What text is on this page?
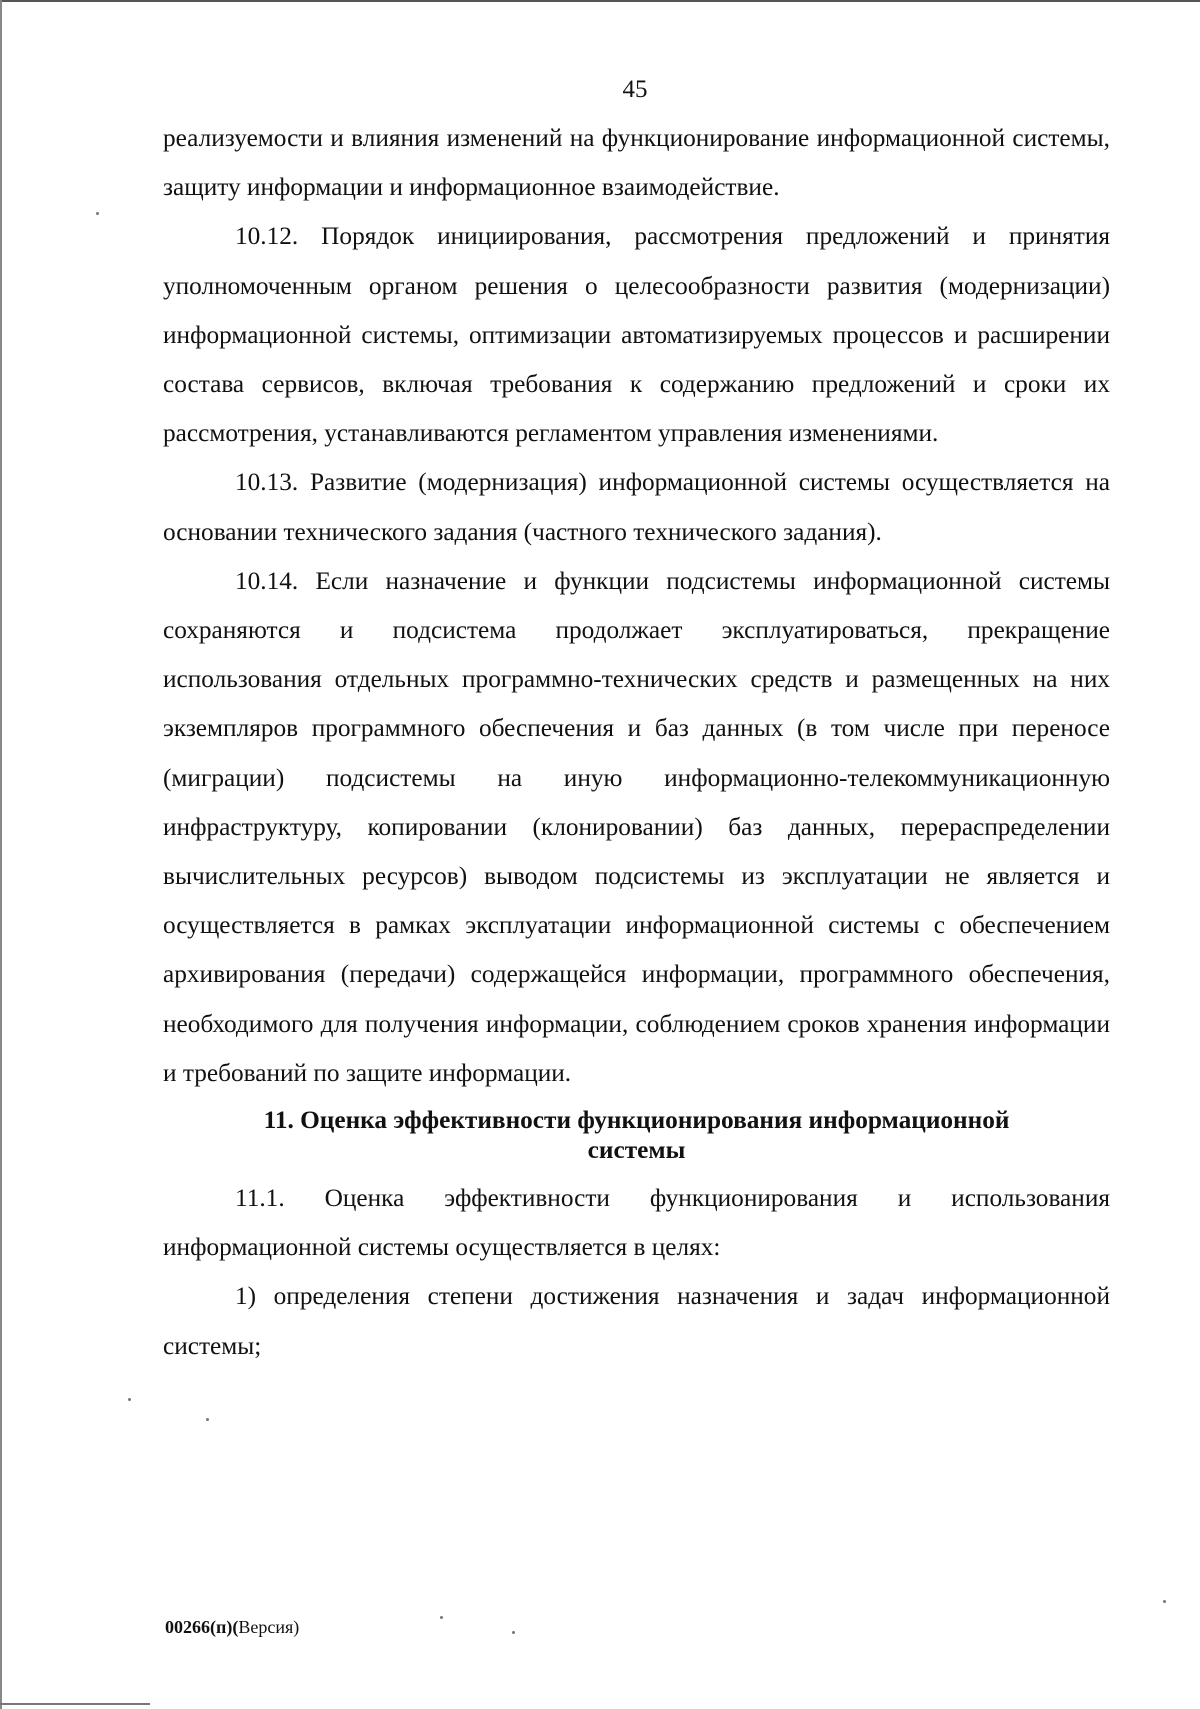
45

реализуемости и влияния изменений на функционирование информационной системы, защиту информации и информационное взаимодействие.

10.12. Порядок инициирования, рассмотрения предложений и принятия уполномоченным органом решения о целесообразности развития (модернизации) информационной системы, оптимизации автоматизируемых процессов и расширении состава сервисов, включая требования к содержанию предложений и сроки их рассмотрения, устанавливаются регламентом управления изменениями.

10.13. Развитие (модернизация) информационной системы осуществляется на основании технического задания (частного технического задания).

10.14. Если назначение и функции подсистемы информационной системы сохраняются и подсистема продолжает эксплуатироваться, прекращение использования отдельных программно-технических средств и размещенных на них экземпляров программного обеспечения и баз данных (в том числе при переносе (миграции) подсистемы на иную информационно-телекоммуникационную инфраструктуру, копировании (клонировании) баз данных, перераспределении вычислительных ресурсов) выводом подсистемы из эксплуатации не является и осуществляется в рамках эксплуатации информационной системы с обеспечением архивирования (передачи) содержащейся информации, программного обеспечения, необходимого для получения информации, соблюдением сроков хранения информации и требований по защите информации.

11. Оценка эффективности функционирования информационной
системы

11.1. Оценка эффективности функционирования и использования информационной системы осуществляется в целях:

1) определения степени достижения назначения и задач информационной системы;

00266(п)(Версия)
